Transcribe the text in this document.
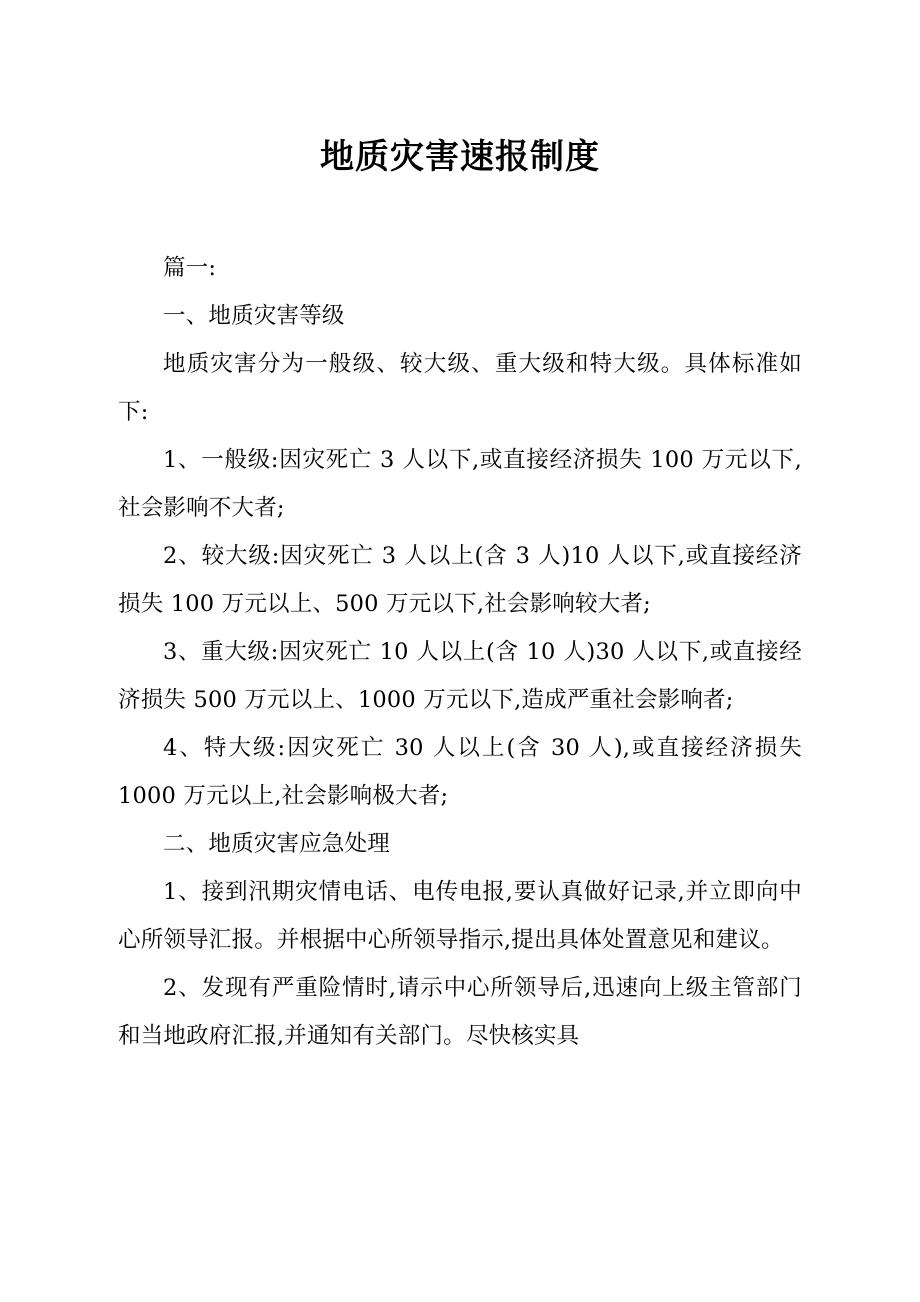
地质灾害速报制度

篇一:

一、地质灾害等级

地质灾害分为一般级、较大级、重大级和特大级。具体标准如下:

1、一般级:因灾死亡 3 人以下,或直接经济损失 100 万元以下,社会影响不大者;

2、较大级:因灾死亡 3 人以上(含 3 人)10 人以下,或直接经济损失 100 万元以上、500 万元以下,社会影响较大者;

3、重大级:因灾死亡 10 人以上(含 10 人)30 人以下,或直接经济损失 500 万元以上、1000 万元以下,造成严重社会影响者;

4、特大级:因灾死亡 30 人以上(含 30 人),或直接经济损失 1000 万元以上,社会影响极大者;

二、地质灾害应急处理

1、接到汛期灾情电话、电传电报,要认真做好记录,并立即向中心所领导汇报。并根据中心所领导指示,提出具体处置意见和建议。

2、发现有严重险情时,请示中心所领导后,迅速向上级主管部门和当地政府汇报,并通知有关部门。尽快核实具
